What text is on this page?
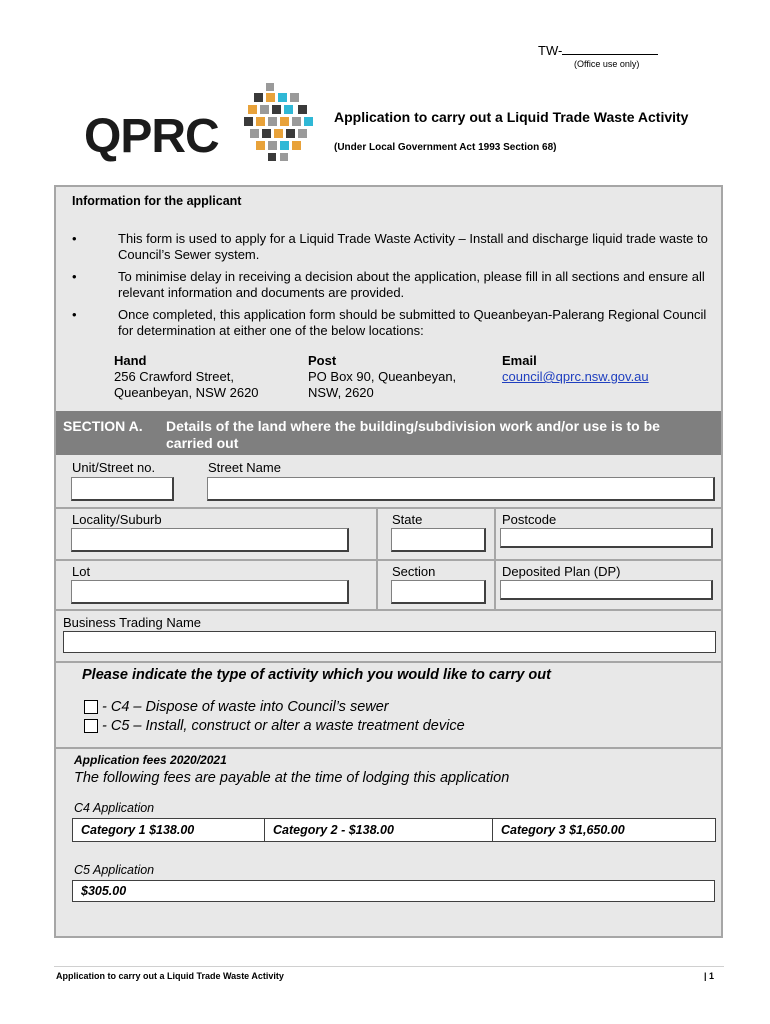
TW-
(Office use only)
QPRC	Application to carry out a Liquid Trade Waste Activity
(Under Local Government Act 1993 Section 68)
Information for the applicant
•	This form is used to apply for a Liquid Trade Waste Activity – Install and discharge liquid trade waste to Council’s Sewer system.
•	To minimise delay in receiving a decision about the application, please fill in all sections and ensure all relevant information and documents are provided.
•	Once completed, this application form should be submitted to Queanbeyan-Palerang Regional Council for determination at either one of the below locations:
Hand
256 Crawford Street,
Queanbeyan, NSW 2620
Post
PO Box 90, Queanbeyan,
NSW, 2620
Email
council@qprc.nsw.gov.au
SECTION A. Details of the land where the building/subdivision work and/or use is to be carried out
Unit/Street no.	Street Name
Locality/Suburb	State	Postcode
Lot	Section	Deposited Plan (DP)
Business Trading Name
Please indicate the type of activity which you would like to carry out
- C4 – Dispose of waste into Council’s sewer
- C5 – Install, construct or alter a waste treatment device
Application fees 2020/2021
The following fees are payable at the time of lodging this application
C4 Application
Category 1 $138.00	Category 2 - $138.00	Category 3 $1,650.00
C5 Application
$305.00
Application to carry out a Liquid Trade Waste Activity	| 1
